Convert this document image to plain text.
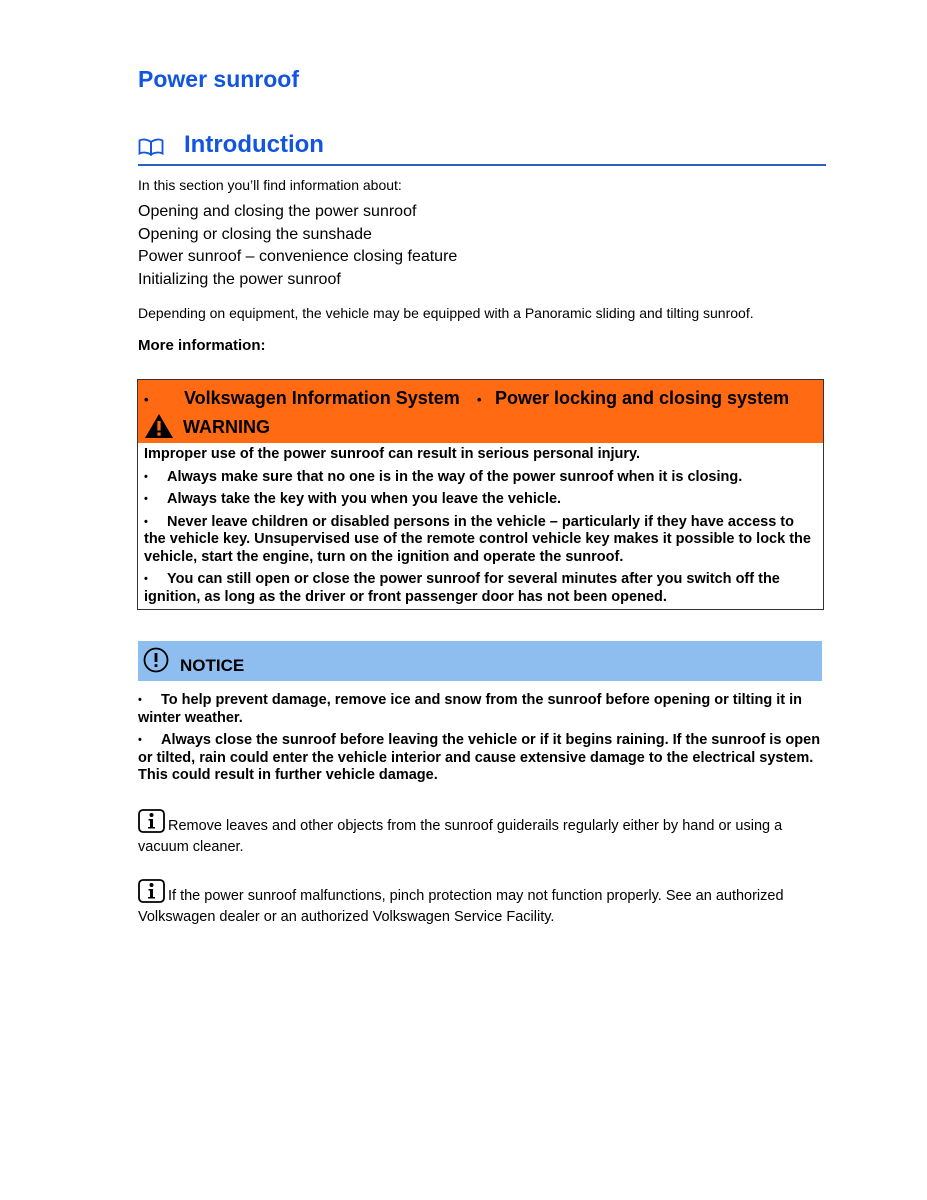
Power sunroof
Introduction
In this section you’ll find information about:
Opening and closing the power sunroof
Opening or closing the sunshade
Power sunroof – convenience closing feature
Initializing the power sunroof
Depending on equipment, the vehicle may be equipped with a Panoramic sliding and tilting sunroof.
More information:
• Volkswagen Information System • Power locking and closing system
WARNING

Improper use of the power sunroof can result in serious personal injury.

• Always make sure that no one is in the way of the power sunroof when it is closing.

• Always take the key with you when you leave the vehicle.

• Never leave children or disabled persons in the vehicle – particularly if they have access to the vehicle key. Unsupervised use of the remote control vehicle key makes it possible to lock the vehicle, start the engine, turn on the ignition and operate the sunroof.

• You can still open or close the power sunroof for several minutes after you switch off the ignition, as long as the driver or front passenger door has not been opened.

NOTICE

• To help prevent damage, remove ice and snow from the sunroof before opening or tilting it in winter weather.

• Always close the sunroof before leaving the vehicle or if it begins raining. If the sunroof is open or tilted, rain could enter the vehicle interior and cause extensive damage to the electrical system. This could result in further vehicle damage.

Remove leaves and other objects from the sunroof guiderails regularly either by hand or using a vacuum cleaner.
If the power sunroof malfunctions, pinch protection may not function properly. See an authorized Volkswagen dealer or an authorized Volkswagen Service Facility.
